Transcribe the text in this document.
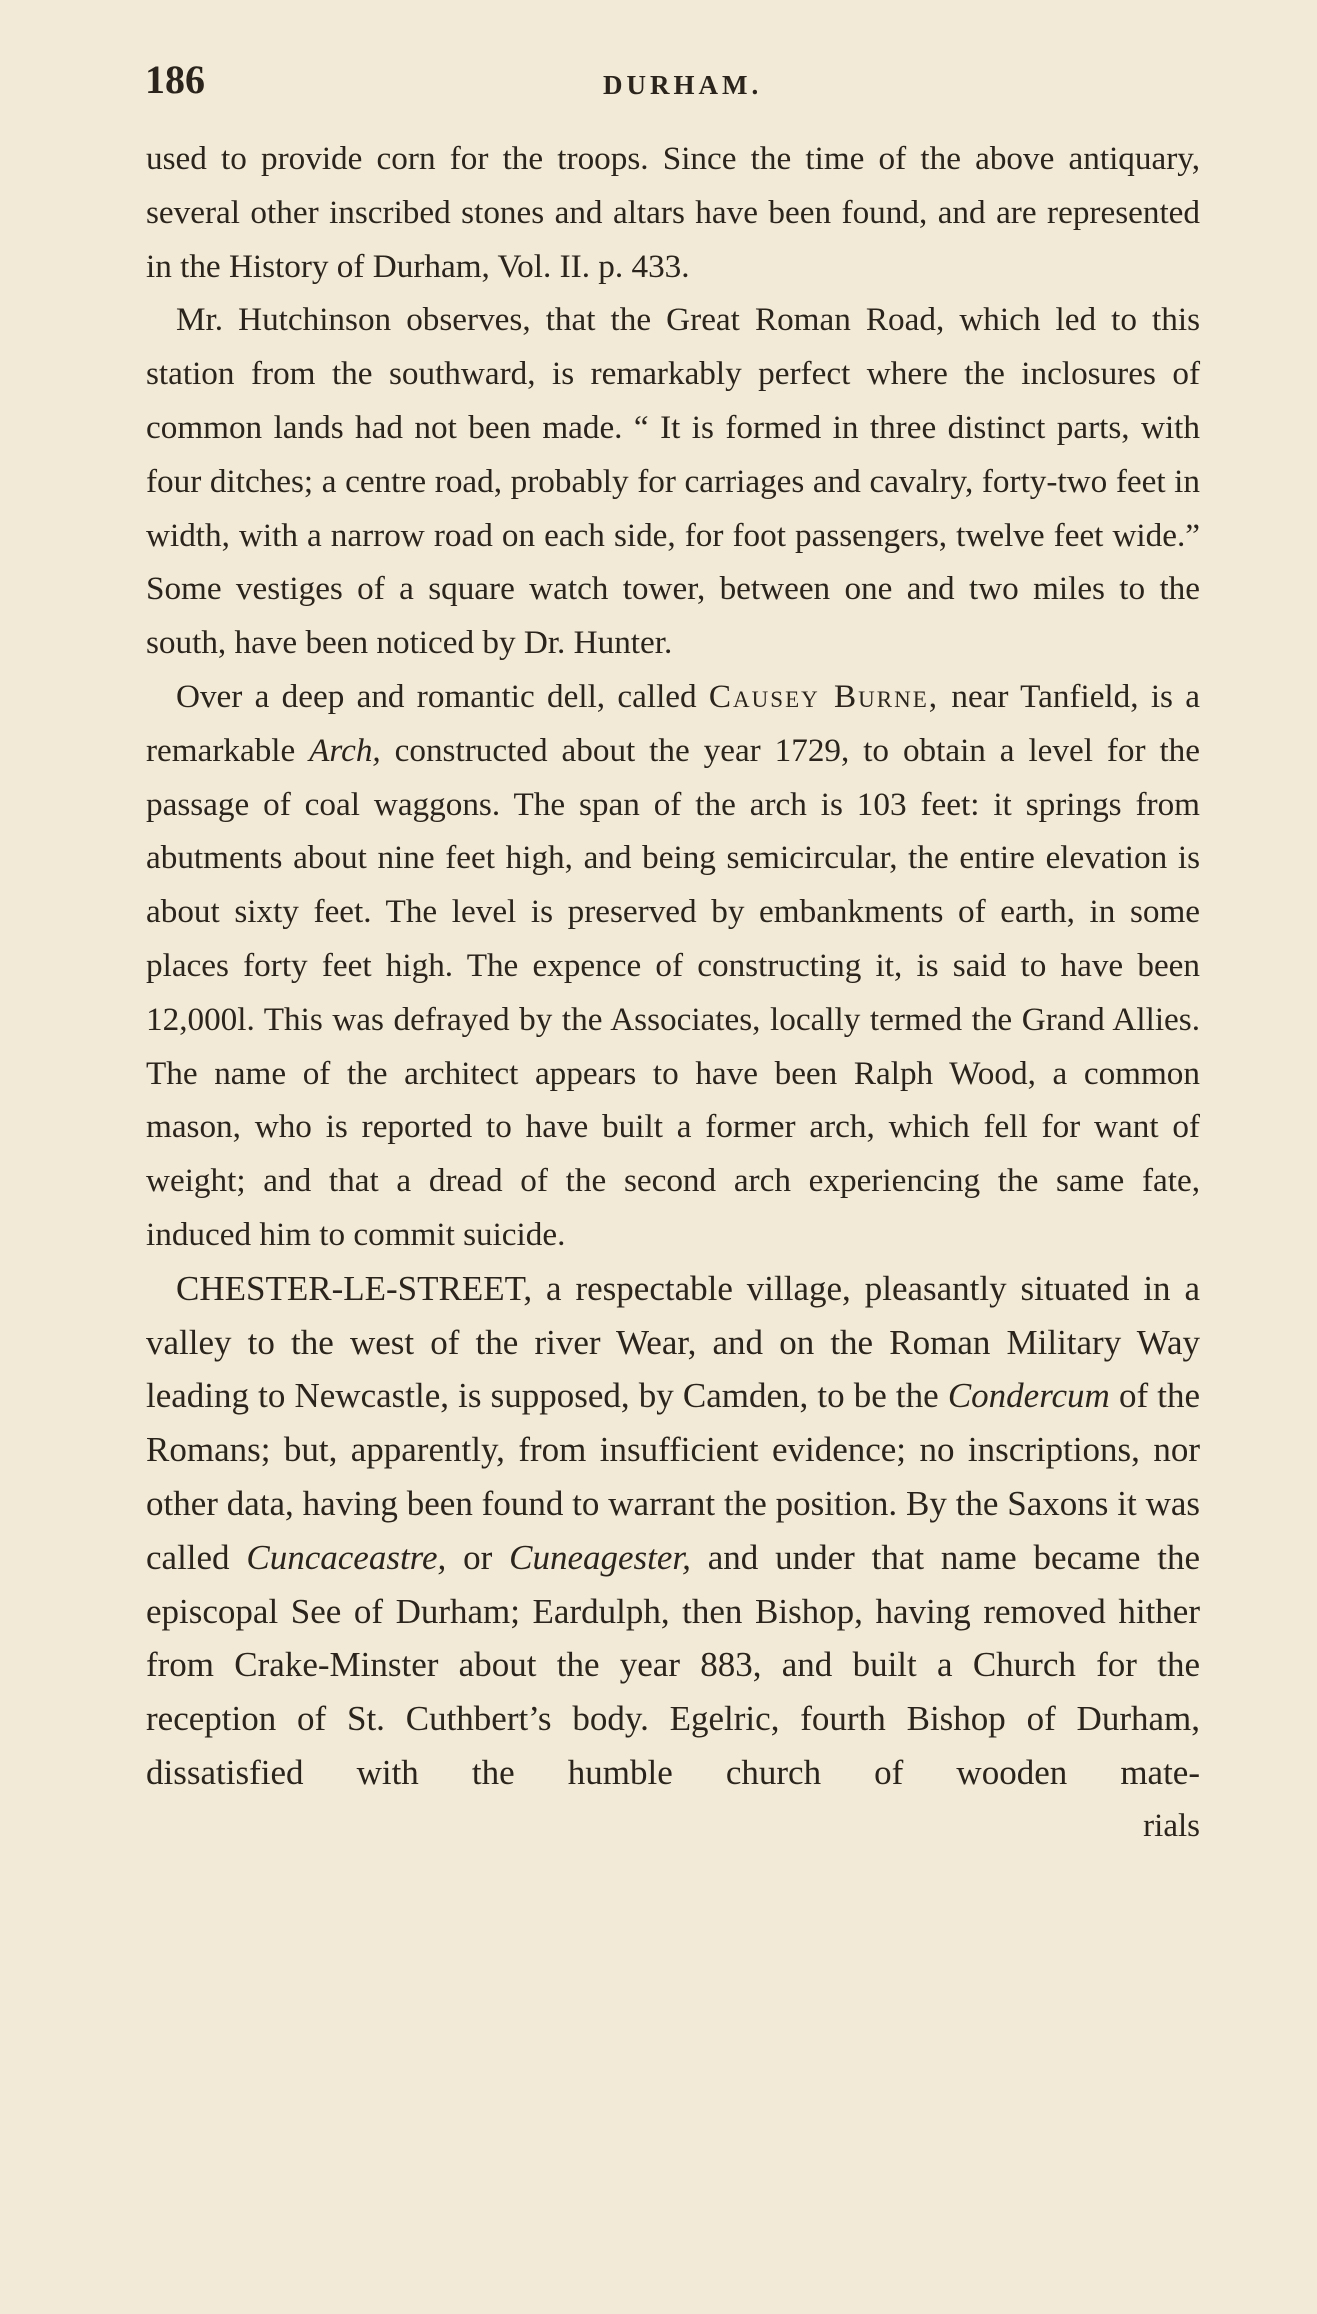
186	DURHAM.

used to provide corn for the troops. Since the time of the above antiquary, several other inscribed stones and altars have been found, and are represented in the History of Durham, Vol. II. p. 433.

Mr. Hutchinson observes, that the Great Roman Road, which led to this station from the southward, is remarkably perfect where the inclosures of common lands had not been made. “ It is formed in three distinct parts, with four ditches; a centre road, probably for carriages and cavalry, forty-two feet in width, with a narrow road on each side, for foot passengers, twelve feet wide.” Some vestiges of a square watch tower, between one and two miles to the south, have been noticed by Dr. Hunter.

Over a deep and romantic dell, called Causey Burne, near Tanfield, is a remarkable Arch, constructed about the year 1729, to obtain a level for the passage of coal waggons. The span of the arch is 103 feet: it springs from abutments about nine feet high, and being semicircular, the entire elevation is about sixty feet. The level is preserved by embankments of earth, in some places forty feet high. The expence of constructing it, is said to have been 12,000l. This was defrayed by the Associates, locally termed the Grand Allies. The name of the architect appears to have been Ralph Wood, a common mason, who is reported to have built a former arch, which fell for want of weight; and that a dread of the second arch experiencing the same fate, induced him to commit suicide.

CHESTER-LE-STREET, a respectable village, pleasantly situated in a valley to the west of the river Wear, and on the Roman Military Way leading to Newcastle, is supposed, by Camden, to be the Condercum of the Romans; but, apparently, from insufficient evidence; no inscriptions, nor other data, having been found to warrant the position. By the Saxons it was called Cuncaceastre, or Cuneagester, and under that name became the episcopal See of Durham; Eardulph, then Bishop, having removed hither from Crake-Minster about the year 883, and built a Church for the reception of St. Cuthbert’s body. Egelric, fourth Bishop of Durham, dissatisfied with the humble church of wooden mate-

rials
